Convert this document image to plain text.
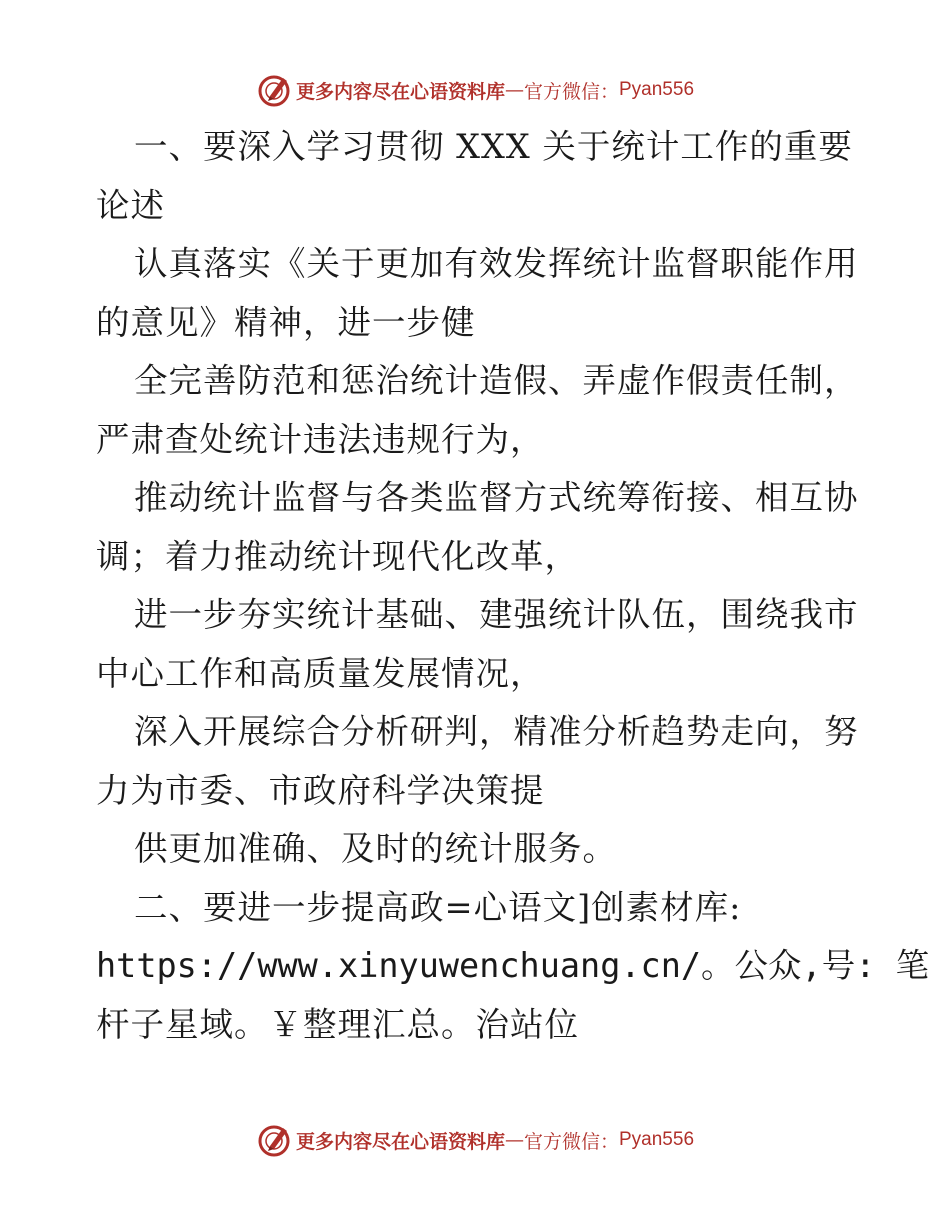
更多内容尽在心语资料库 — 官方微信： Pyan556
一、要深入学习贯彻 XXX 关于统计工作的重要
论述
认真落实《关于更加有效发挥统计监督职能作用
的意见》精神，进一步健
全完善防范和惩治统计造假、弄虚作假责任制，
严肃查处统计违法违规行为，
推动统计监督与各类监督方式统筹衔接、相互协
调；着力推动统计现代化改革，
进一步夯实统计基础、建强统计队伍，围绕我市
中心工作和高质量发展情况，
深入开展综合分析研判，精准分析趋势走向，努
力为市委、市政府科学决策提
供更加准确、及时的统计服务。
二、要进一步提高政=心语文]创素材库:
https://www.xinyuwenchuang.cn/。公众,号: 笔
杆子星域。￥整理汇总。治站位
更多内容尽在心语资料库 — 官方微信： Pyan556
